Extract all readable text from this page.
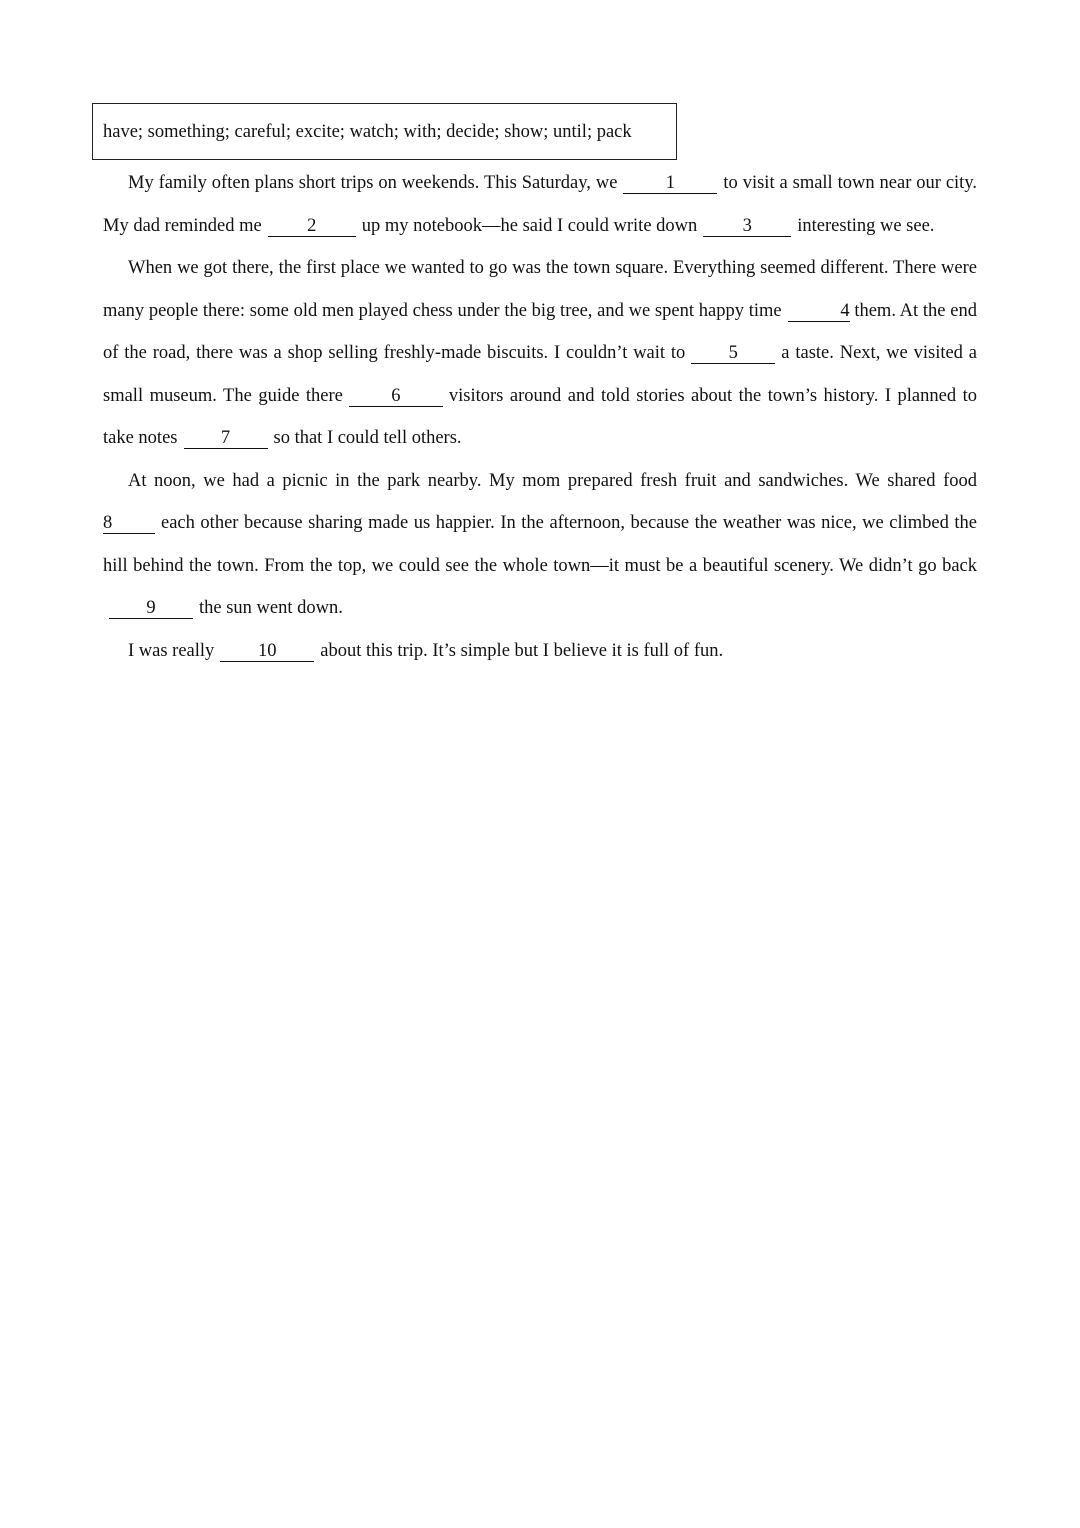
have; something; careful; excite; watch; with; decide; show; until; pack

My family often plans short trips on weekends. This Saturday, we	1	to visit a small town near our city. My dad reminded me 2 up my notebook—he said I could write down 3 interesting we see.

When we got there, the first place we wanted to go was the town square. Everything seemed different. There were many people there: some old men played chess under the big tree, and we spent happy time	4 them. At the end of the road, there was a shop selling freshly-made biscuits. I couldn’t wait to 5 a taste. Next, we visited a small museum. The guide there	6	visitors around and told stories about the town’s history. I planned to take notes 7 so that I could tell others.

At noon, we had a picnic in the park nearby. My mom prepared fresh fruit and sandwiches. We shared food 8	each other because sharing made us happier. In the afternoon, because the weather was nice, we climbed the hill behind the town. From the top, we could see the whole town—it must be a beautiful scenery. We didn’t go back9 the sun went down.

I was really 10 about this trip. It’s simple but I believe it is full of fun.
